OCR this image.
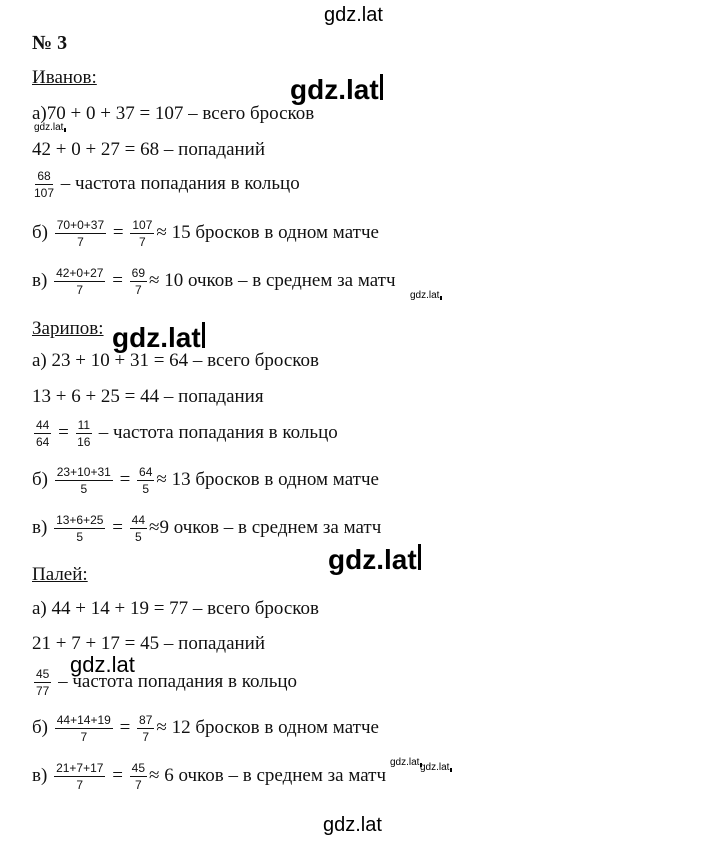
gdz.lat
gdz.lat
№ 3
Иванов:
а)70 + 0 + 37 = 107 – всего бросков
42 + 0 + 27 = 68 – попаданий
$\frac{68}{107}$ – частота попадания в кольцо
$б) \frac{70+0+37}{7} = \frac{107}{7} \approx 15$ бросков в одном матче
$в) \frac{42+0+27}{7} = \frac{69}{7} \approx 10$ очков – в среднем за матч
Зарипов:
а) 23 + 10 + 31 = 64 – всего бросков
13 + 6 + 25 = 44 – попадания
$\frac{44}{64} = \frac{11}{16}$ – частота попадания в кольцо
$б) \frac{23+10+31}{5} = \frac{64}{5} \approx 13$ бросков в одном матче
$в) \frac{13+6+25}{5} = \frac{44}{5} \approx 9$ очков – в среднем за матч
Палей:
а) 44 + 14 + 19 = 77 – всего бросков
21 + 7 + 17 = 45 – попаданий
$\frac{45}{77}$ – частота попадания в кольцо
$б) \frac{44+14+19}{7} = \frac{87}{7} \approx 12$ бросков в одном матче
$в) \frac{21+7+17}{7} = \frac{45}{7} \approx 6$ очков – в среднем за матч
gdz.lat
gdz.lat
gdz.lat
gdz.lat
gdz.lat
gdz.lat
gdz.lat gdz.lat
